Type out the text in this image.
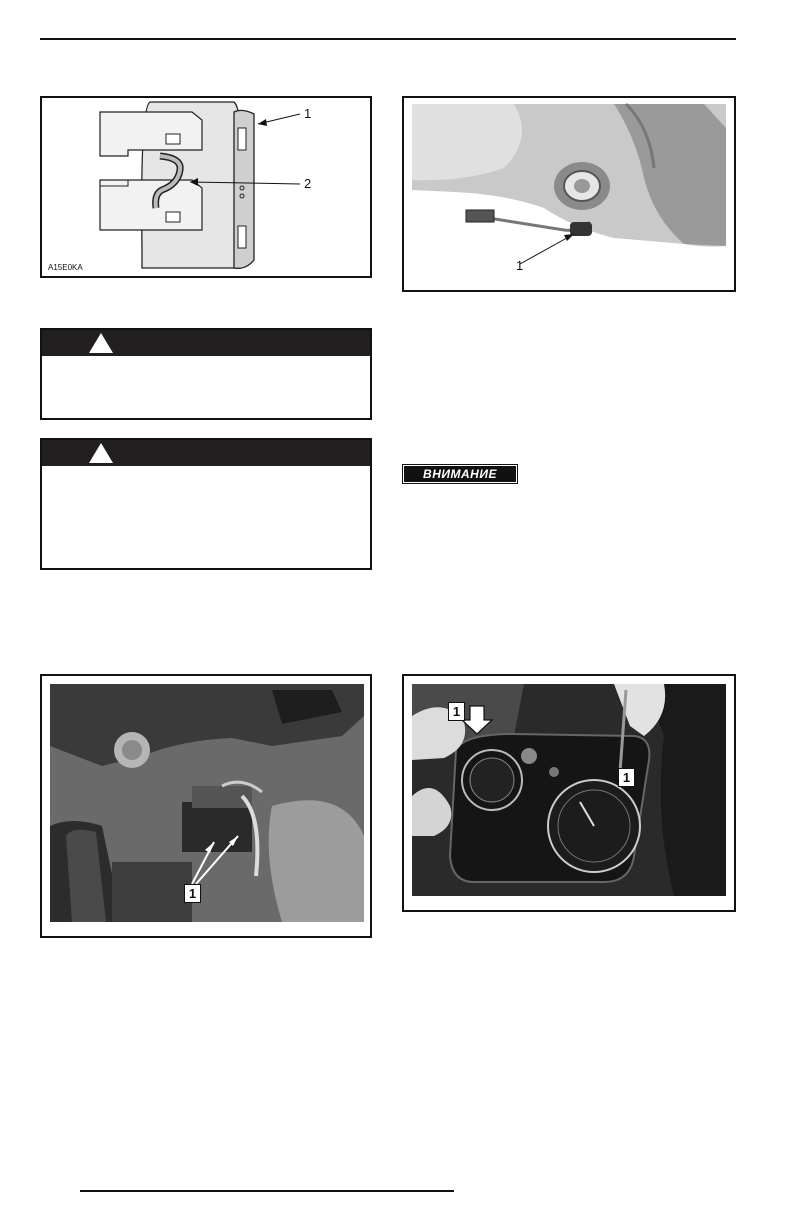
1
2
A15E0KA	1
ВНИМАНИЕ
1
1
1
